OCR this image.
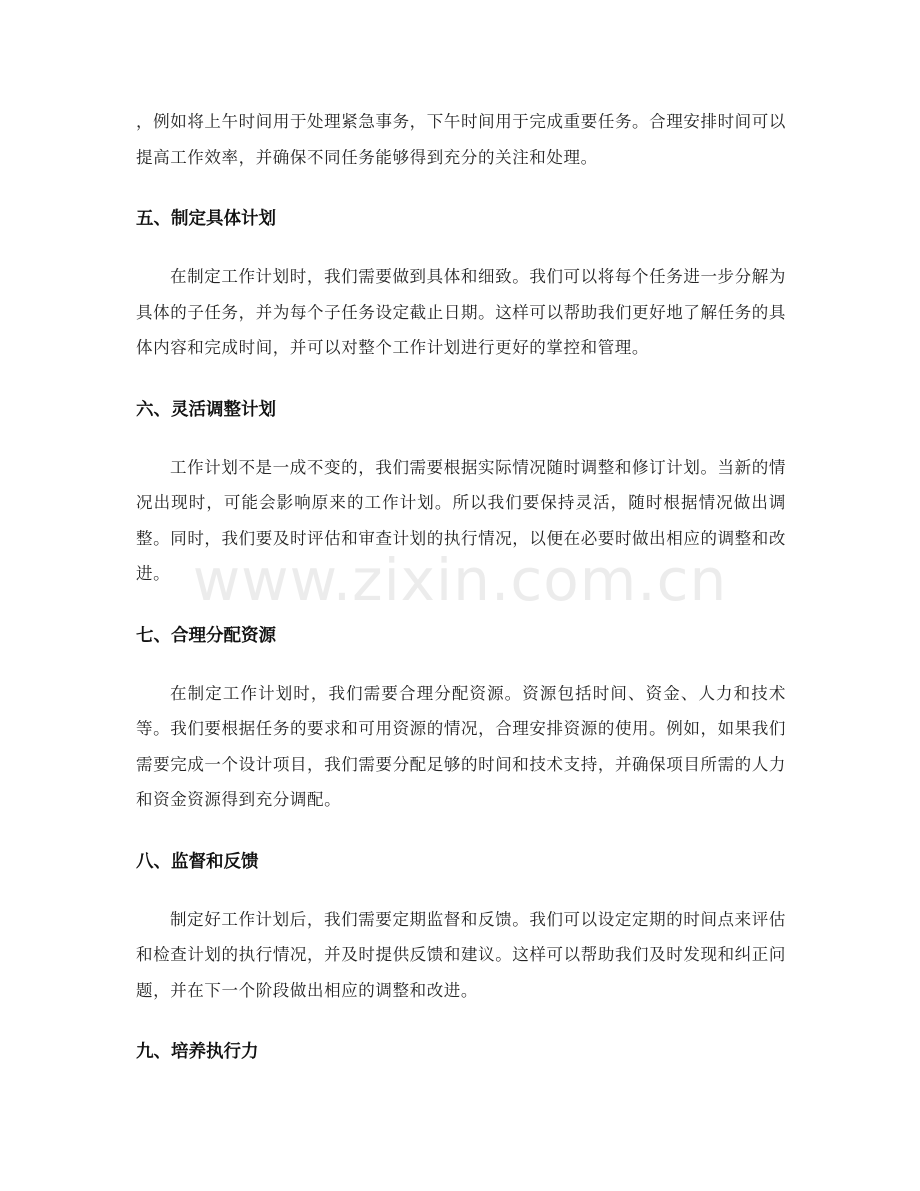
，例如将上午时间用于处理紧急事务，下午时间用于完成重要任务。合理安排时间可以提高工作效率，并确保不同任务能够得到充分的关注和处理。

五、制定具体计划

在制定工作计划时，我们需要做到具体和细致。我们可以将每个任务进一步分解为具体的子任务，并为每个子任务设定截止日期。这样可以帮助我们更好地了解任务的具体内容和完成时间，并可以对整个工作计划进行更好的掌控和管理。

六、灵活调整计划

工作计划不是一成不变的，我们需要根据实际情况随时调整和修订计划。当新的情况出现时，可能会影响原来的工作计划。所以我们要保持灵活，随时根据情况做出调整。同时，我们要及时评估和审查计划的执行情况，以便在必要时做出相应的调整和改进。

七、合理分配资源

在制定工作计划时，我们需要合理分配资源。资源包括时间、资金、人力和技术等。我们要根据任务的要求和可用资源的情况，合理安排资源的使用。例如，如果我们需要完成一个设计项目，我们需要分配足够的时间和技术支持，并确保项目所需的人力和资金资源得到充分调配。

八、监督和反馈

制定好工作计划后，我们需要定期监督和反馈。我们可以设定定期的时间点来评估和检查计划的执行情况，并及时提供反馈和建议。这样可以帮助我们及时发现和纠正问题，并在下一个阶段做出相应的调整和改进。

九、培养执行力
www.zixin.com.cn
